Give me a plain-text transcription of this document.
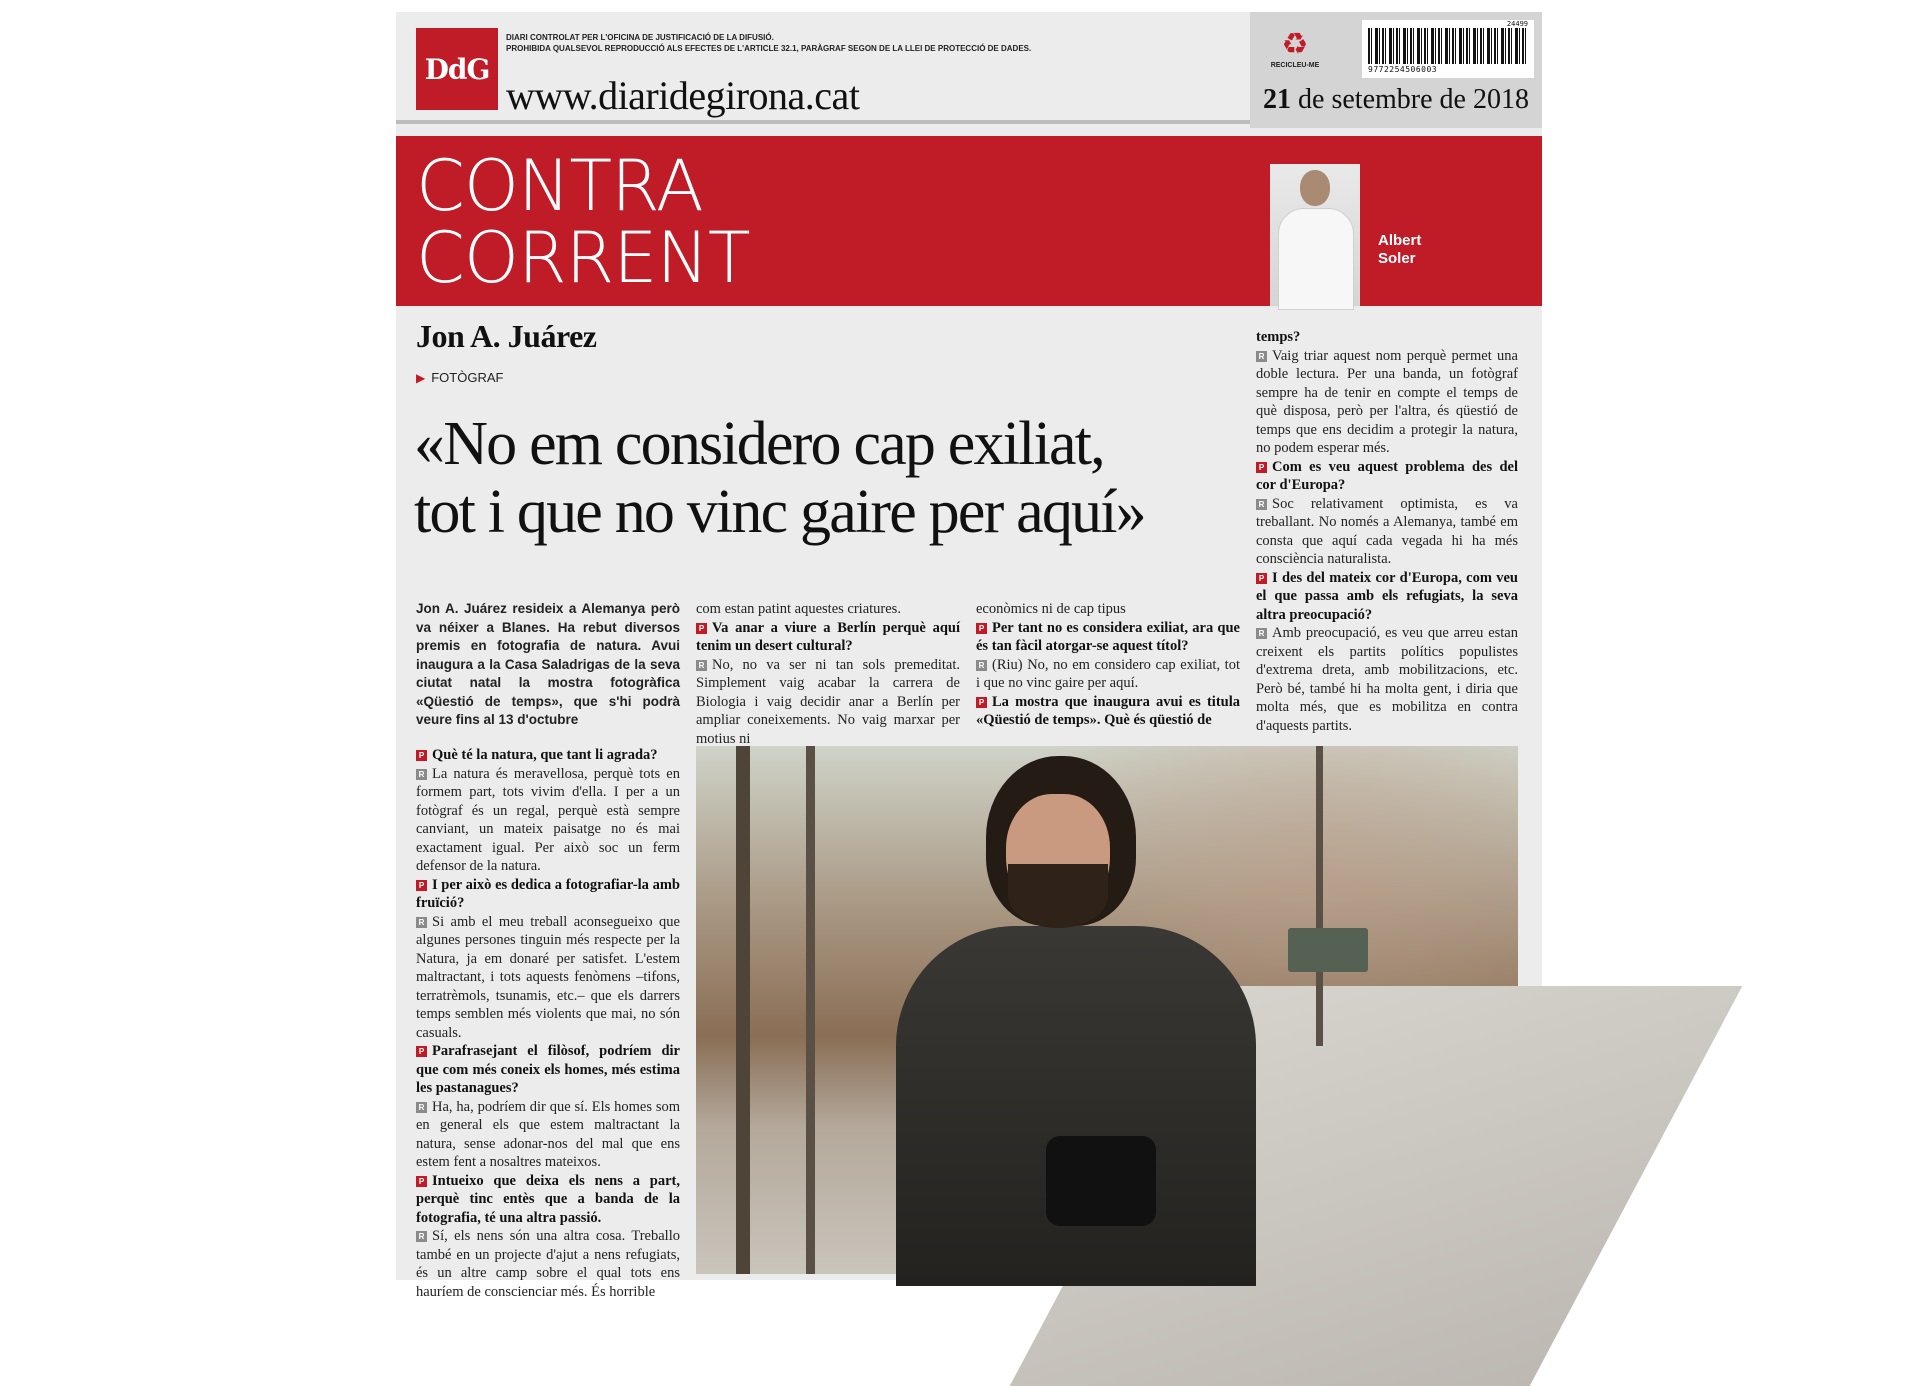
DdG
DIARI CONTROLAT PER L'OFICINA DE JUSTIFICACIÓ DE LA DIFUSIÓ.
PROHIBIDA QUALSEVOL REPRODUCCIÓ ALS EFECTES DE L'ARTICLE 32.1, PARÀGRAF SEGON DE LA LLEI DE PROTECCIÓ DE DADES.
www.diaridegirona.cat
♻
RECICLEU-ME
24499
9772254506003
21 de setembre de 2018
CONTRA
CORRENT	Albert
Soler
Jon A. Juárez
▶ FOTÒGRAF
«No em considero cap exiliat,
tot i que no vinc gaire per aquí»
Jon A. Juárez resideix a Alemanya però va néixer a Blanes. Ha rebut diversos premis en fotografia de natura. Avui inaugura a la Casa Saladrigas de la seva ciutat natal la mostra fotogràfica «Qüestió de temps», que s'hi podrà veure fins al 13 d'octubre

P Què té la natura, que tant li agrada?

R La natura és meravellosa, perquè tots en formem part, tots vivim d'ella. I per a un fotògraf és un regal, perquè està sempre canviant, un mateix paisatge no és mai exactament igual. Per això soc un ferm defensor de la natura.

P I per això es dedica a fotografiar-la amb fruïció?

R Si amb el meu treball aconsegueixo que algunes persones tinguin més respecte per la Natura, ja em donaré per satisfet. L'estem maltractant, i tots aquests fenòmens –tifons, terratrèmols, tsunamis, etc.– que els darrers temps semblen més violents que mai, no són casuals.

P Parafrasejant el filòsof, podríem dir que com més coneix els homes, més estima les pastanagues?

R Ha, ha, podríem dir que sí. Els homes som en general els que estem maltractant la natura, sense adonar-nos del mal que ens estem fent a nosaltres mateixos.

P Intueixo que deixa els nens a part, perquè tinc entès que a banda de la fotografia, té una altra passió.

R Sí, els nens són una altra cosa. Treballo també en un projecte d'ajut a nens refugiats, és un altre camp sobre el qual tots ens hauríem de conscienciar més. És horrible

com estan patint aquestes criatures.

P Va anar a viure a Berlín perquè aquí tenim un desert cultural?

R No, no va ser ni tan sols premeditat. Simplement vaig acabar la carrera de Biologia i vaig decidir anar a Berlín per ampliar coneixements. No vaig marxar per motius ni

econòmics ni de cap tipus

P Per tant no es considera exiliat, ara que és tan fàcil atorgar-se aquest títol?

R (Riu) No, no em considero cap exiliat, tot i que no vinc gaire per aquí.

P La mostra que inaugura avui es titula «Qüestió de temps». Què és qüestió de

temps?

R Vaig triar aquest nom perquè permet una doble lectura. Per una banda, un fotògraf sempre ha de tenir en compte el temps de què disposa, però per l'altra, és qüestió de temps que ens decidim a protegir la natura, no podem esperar més.

P Com es veu aquest problema des del cor d'Europa?

R Soc relativament optimista, es va treballant. No només a Alemanya, també em consta que aquí cada vegada hi ha més consciència naturalista.

P I des del mateix cor d'Europa, com veu el que passa amb els refugiats, la seva altra preocupació?

R Amb preocupació, es veu que arreu estan creixent els partits polítics populistes d'extrema dreta, amb mobilitzacions, etc. Però bé, també hi ha molta gent, i diria que molta més, que es mobilitza en contra d'aquests partits.
